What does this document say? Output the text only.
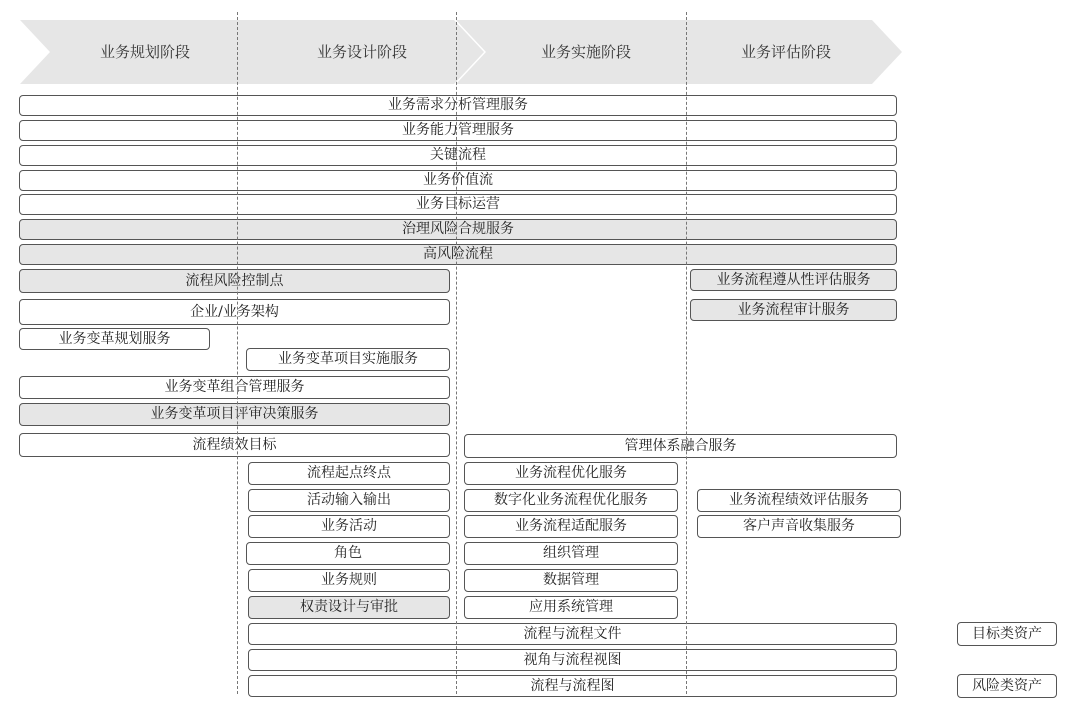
业务规划阶段	业务设计阶段	业务实施阶段	业务评估阶段
业务需求分析管理服务
业务能力管理服务
关键流程
业务价值流
业务目标运营
治理风险合规服务
高风险流程
流程风险控制点
企业/业务架构
业务变革规划服务
业务变革项目实施服务
业务变革组合管理服务
业务变革项目评审决策服务
流程绩效目标
业务流程遵从性评估服务
业务流程审计服务
管理体系融合服务
流程起点终点
活动输入输出
业务活动
角色
业务规则
权责设计与审批
业务流程优化服务
数字化业务流程优化服务
业务流程适配服务
组织管理
数据管理
应用系统管理
业务流程绩效评估服务
客户声音收集服务
流程与流程文件
视角与流程视图
流程与流程图
目标类资产
风险类资产
